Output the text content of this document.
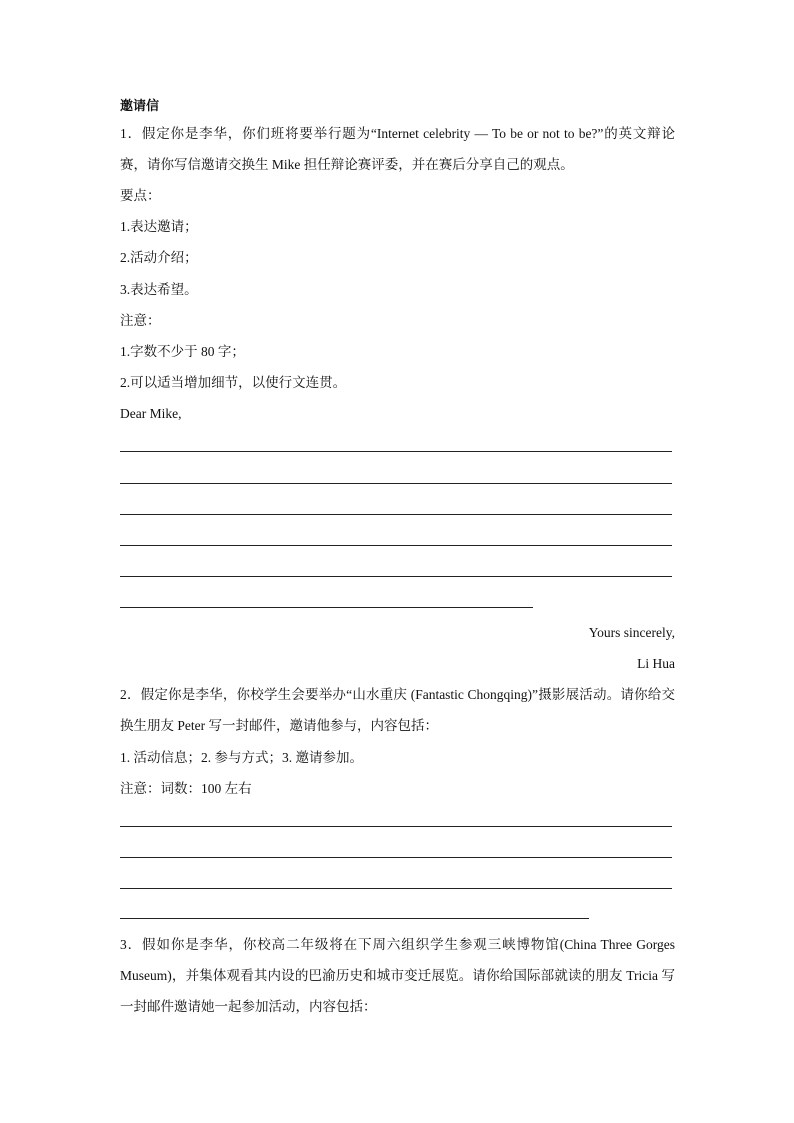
邀请信
1．假定你是李华，你们班将要举行题为“Internet celebrity — To be or not to be?”的英文辩论赛，请你写信邀请交换生 Mike 担任辩论赛评委，并在赛后分享自己的观点。
要点：
1.表达邀请；
2.活动介绍；
3.表达希望。
注意：
1.字数不少于 80 字；
2.可以适当增加细节，以使行文连贯。
Dear Mike,
Yours sincerely,
Li Hua
2．假定你是李华，你校学生会要举办“山水重庆 (Fantastic Chongqing)”摄影展活动。请你给交换生朋友 Peter 写一封邮件，邀请他参与，内容包括：
1. 活动信息；2. 参与方式；3. 邀请参加。
注意：词数：100 左右
3．假如你是李华，你校高二年级将在下周六组织学生参观三峡博物馆(China Three Gorges Museum)，并集体观看其内设的巴渝历史和城市变迁展览。请你给国际部就读的朋友 Tricia 写一封邮件邀请她一起参加活动，内容包括：
